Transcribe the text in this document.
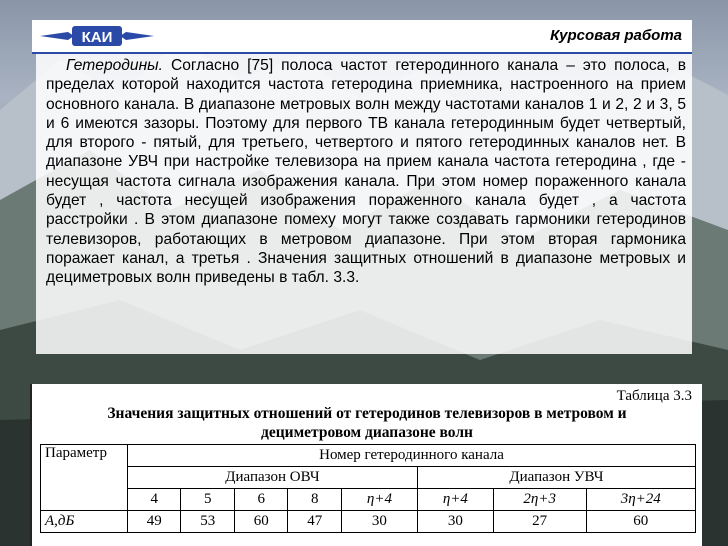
КАИ	Курсовая работа

Гетеродины. Согласно [75] полоса частот гетеродинного канала – это полоса, в пределах которой находится частота гетеродина приемника, настроенного на прием основного канала. В диапазоне метровых волн между частотами каналов 1 и 2, 2 и 3, 5 и 6 имеются зазоры. Поэтому для первого ТВ канала гетеродинным будет четвертый, для второго - пятый, для третьего, четвертого и пятого гетеродинных каналов нет. В диапазоне УВЧ при настройке телевизора на прием канала частота гетеродина , где - несущая частота сигнала изображения канала. При этом номер пораженного канала будет , частота несущей изображения пораженного канала будет , а частота расстройки . В этом диапазоне помеху могут также создавать гармоники гетеродинов телевизоров, работающих в метровом диапазоне. При этом вторая гармоника поражает канал, а третья . Значения защитных отношений в диапазоне метровых и дециметровых волн приведены в табл. 3.3.

Таблица 3.3
Значения защитных отношений от гетеродинов телевизоров в метровом и
дециметровом диапазоне волн
Параметр	Номер гетеродинного канала							
	Диапазон ОВЧ					Диапазон УВЧ		
	4	5	6	8	η+4	η+4	2η+3	3η+24
A,дБ	49	53	60	47	30	30	27	60
